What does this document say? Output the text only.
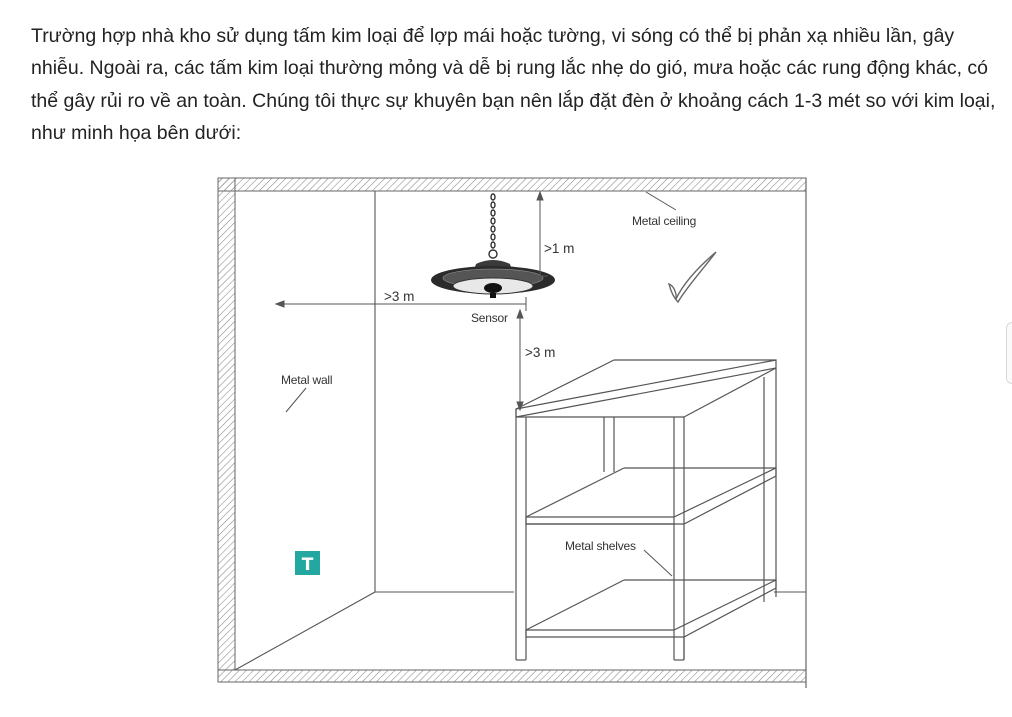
Trường hợp nhà kho sử dụng tấm kim loại để lợp mái hoặc tường, vi sóng có thể bị phản xạ nhiều lần, gây nhiễu. Ngoài ra, các tấm kim loại thường mỏng và dễ bị rung lắc nhẹ do gió, mưa hoặc các rung động khác, có thể gây rủi ro về an toàn. Chúng tôi thực sự khuyên bạn nên lắp đặt đèn ở khoảng cách 1-3 mét so với kim loại, như minh họa bên dưới:

Metal ceiling
Metal wall
Metal shelves
Sensor
>1 m
>3 m
>3 m
T
